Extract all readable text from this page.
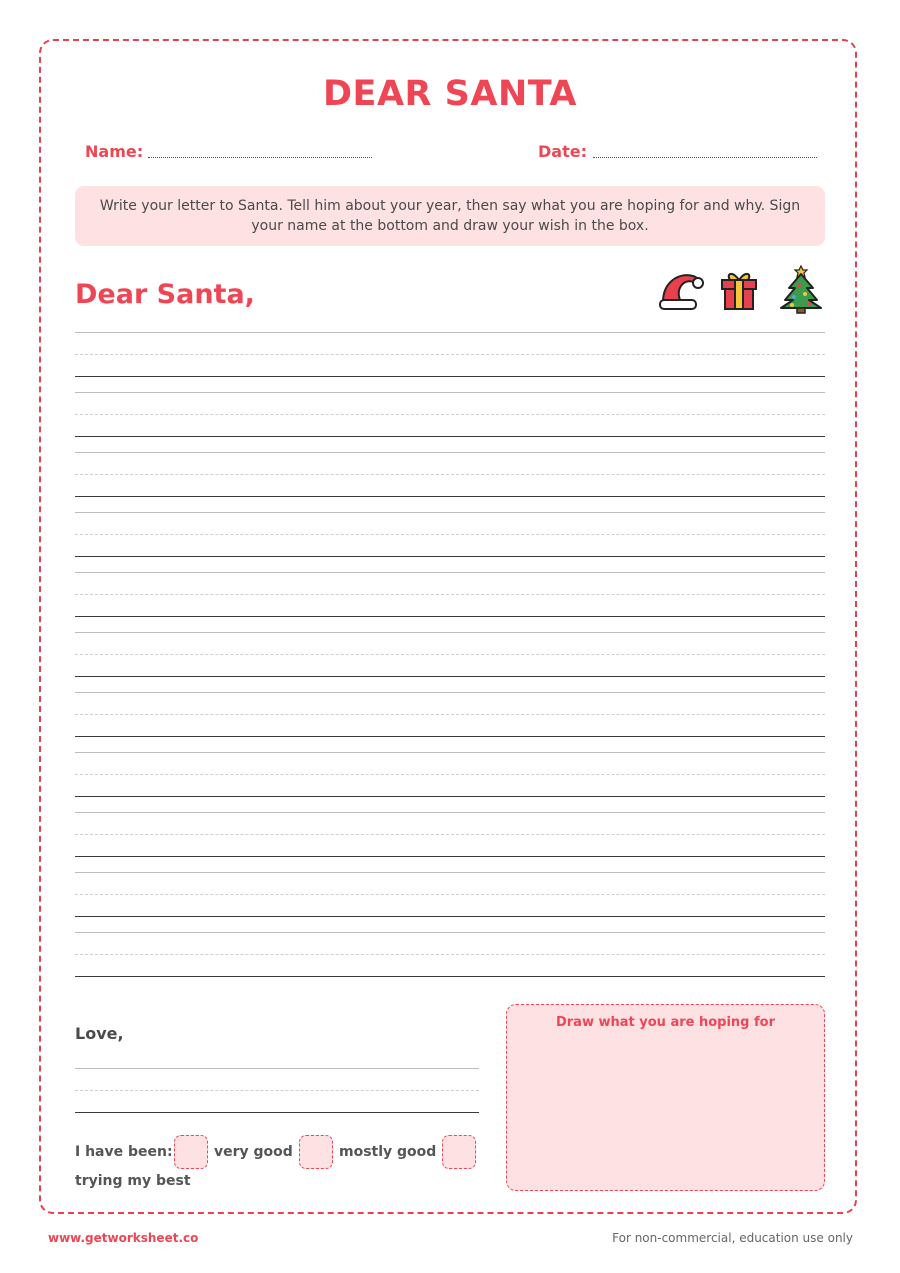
DEAR SANTA
Name:	Date:
Write your letter to Santa. Tell him about your year, then say what you are hoping for and why. Sign your name at the bottom and draw your wish in the box.
Dear Santa,
Love,
I have been:	very good	mostly good
trying my best
Draw what you are hoping for
www.getworksheet.co	For non-commercial, education use only
